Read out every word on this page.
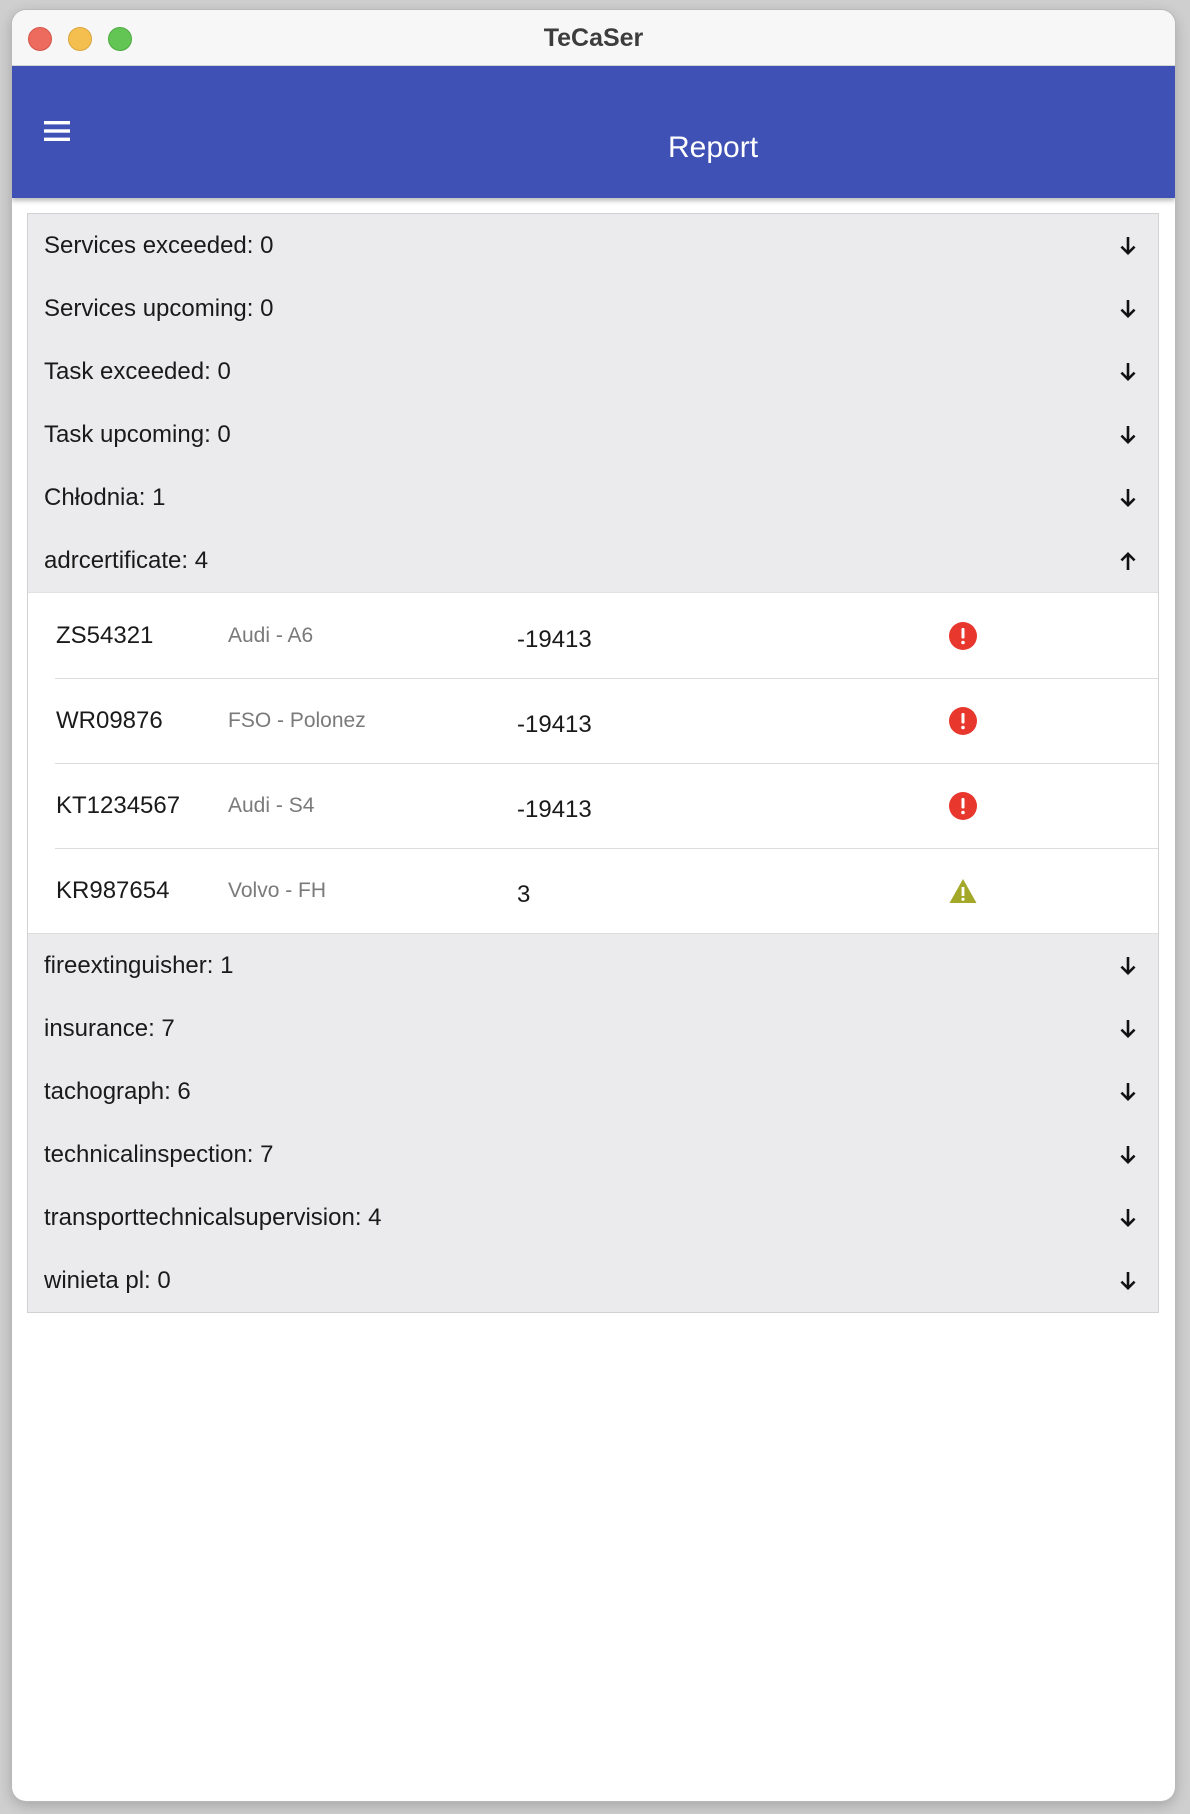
TeCaSer
Report
Services exceeded: 0
Services upcoming: 0
Task exceeded: 0
Task upcoming: 0
Chłodnia: 1
adrcertificate: 4
ZS54321	Audi - A6	-19413
WR09876	FSO - Polonez	-19413
KT1234567 Audi - S4	-19413
KR987654	Volvo - FH	3
fireextinguisher: 1
insurance: 7
tachograph: 6
technicalinspection: 7
transporttechnicalsupervision: 4
winieta pl: 0
